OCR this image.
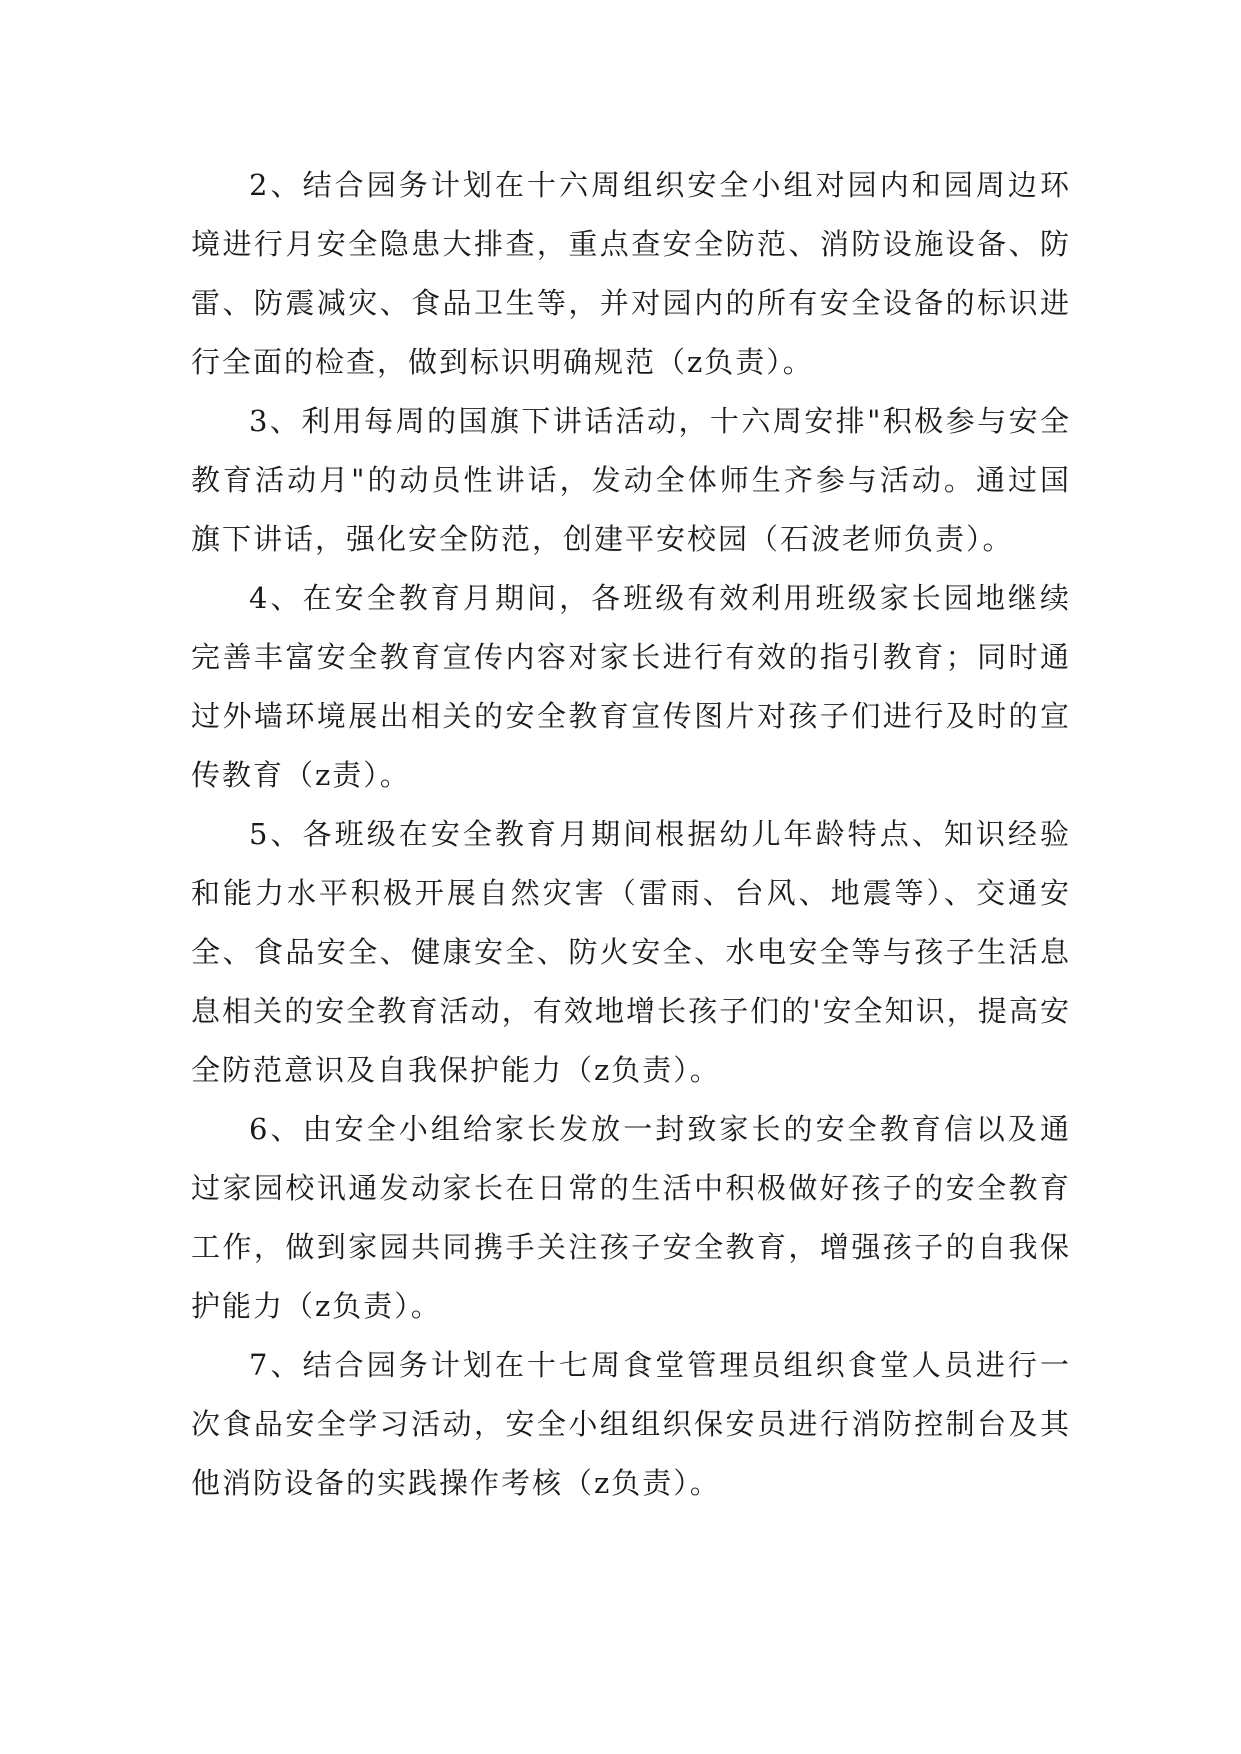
2、结合园务计划在十六周组织安全小组对园内和园周边环境进行月安全隐患大排查，重点查安全防范、消防设施设备、防雷、防震减灾、食品卫生等，并对园内的所有安全设备的标识进行全面的检查，做到标识明确规范（z负责）。

3、利用每周的国旗下讲话活动，十六周安排"积极参与安全教育活动月"的动员性讲话，发动全体师生齐参与活动。通过国旗下讲话，强化安全防范，创建平安校园（石波老师负责）。

4、在安全教育月期间，各班级有效利用班级家长园地继续完善丰富安全教育宣传内容对家长进行有效的指引教育；同时通过外墙环境展出相关的安全教育宣传图片对孩子们进行及时的宣传教育（z责）。

5、各班级在安全教育月期间根据幼儿年龄特点、知识经验和能力水平积极开展自然灾害（雷雨、台风、地震等）、交通安全、食品安全、健康安全、防火安全、水电安全等与孩子生活息息相关的安全教育活动，有效地增长孩子们的'安全知识，提高安全防范意识及自我保护能力（z负责）。

6、由安全小组给家长发放一封致家长的安全教育信以及通过家园校讯通发动家长在日常的生活中积极做好孩子的安全教育工作，做到家园共同携手关注孩子安全教育，增强孩子的自我保护能力（z负责）。

7、结合园务计划在十七周食堂管理员组织食堂人员进行一次食品安全学习活动，安全小组组织保安员进行消防控制台及其他消防设备的实践操作考核（z负责）。
